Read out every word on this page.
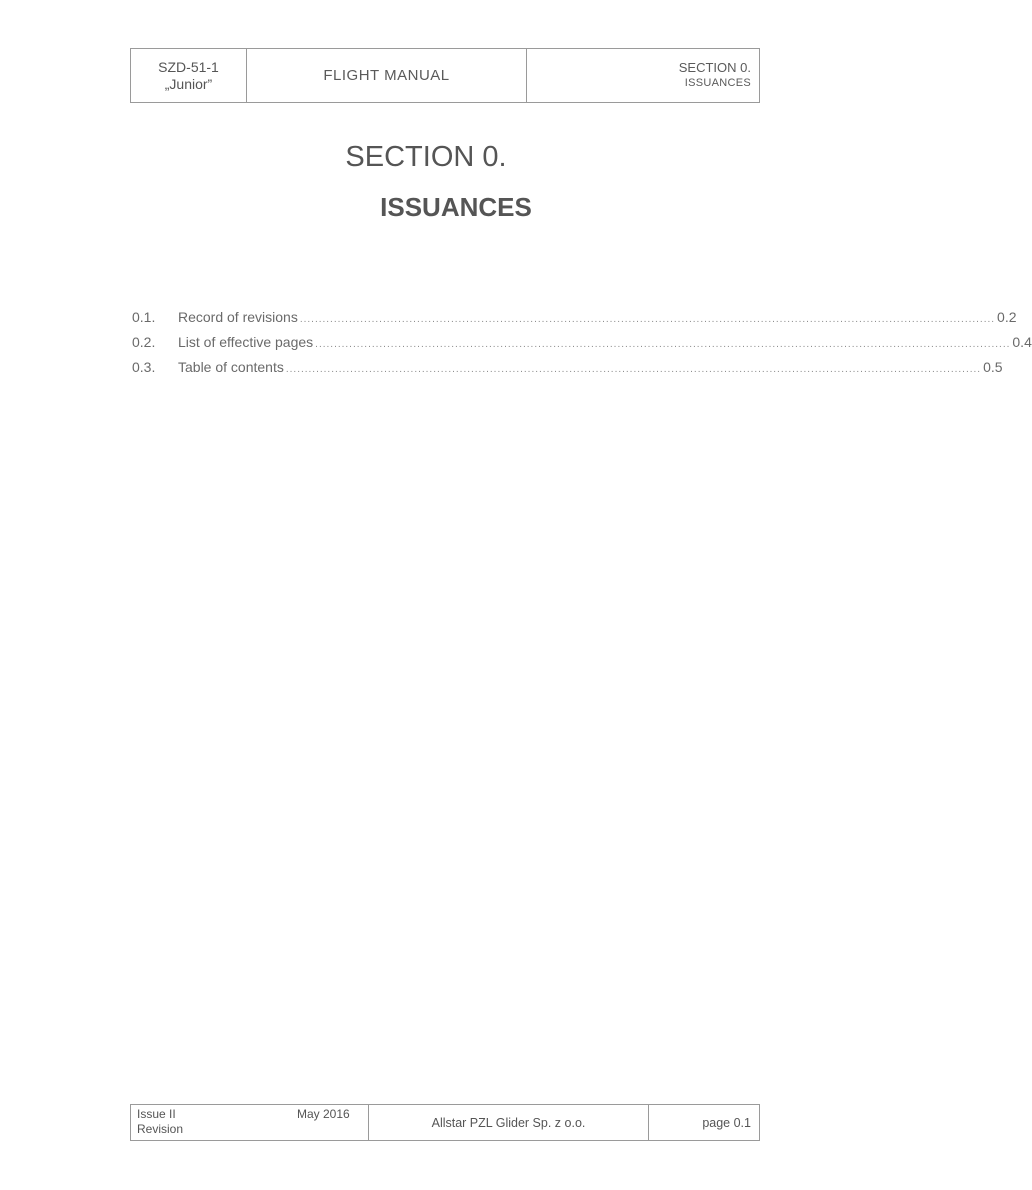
SZD-51-1
„Junior”	FLIGHT MANUAL	SECTION 0.
ISSUANCES
SECTION 0.
ISSUANCES
0.1.	Record of revisions ........................................................................................................................................................................................ 0.2
0.2.	List of effective pages ........................................................................................................................................................................................ 0.4
0.3.	Table of contents ........................................................................................................................................................................................ 0.5
Issue II
Revision
May 2016
Allstar PZL Glider Sp. z o.o.	page 0.1
